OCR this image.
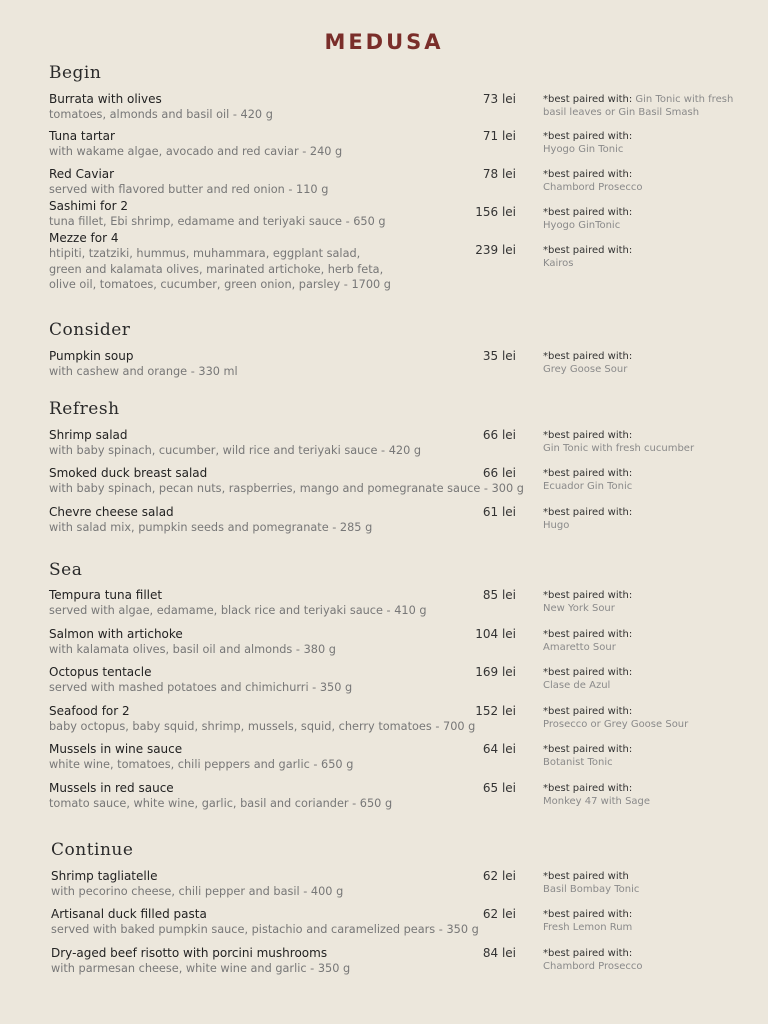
MEDUSA
Begin
Burrata with olives
tomatoes, almonds and basil oil - 420 g
73 lei	*best paired with: Gin Tonic with fresh basil leaves or Gin Basil Smash
Tuna tartar
with wakame algae, avocado and red caviar - 240 g
71 lei	*best paired with:
Hyogo Gin Tonic
Red Caviar
served with flavored butter and red onion - 110 g
78 lei	*best paired with:
Chambord Prosecco
Sashimi for 2
tuna fillet, Ebi shrimp, edamame and teriyaki sauce - 650 g
156 lei	*best paired with:
Hyogo GinTonic
Mezze for 4
htipiti, tzatziki, hummus, muhammara, eggplant salad,
green and kalamata olives, marinated artichoke, herb feta,
olive oil, tomatoes, cucumber, green onion, parsley - 1700 g
239 lei	*best paired with:
Kairos
Consider
Pumpkin soup
with cashew and orange - 330 ml
35 lei	*best paired with:
Grey Goose Sour
Refresh
Shrimp salad
with baby spinach, cucumber, wild rice and teriyaki sauce - 420 g
66 lei	*best paired with:
Gin Tonic with fresh cucumber
Smoked duck breast salad
with baby spinach, pecan nuts, raspberries, mango and pomegranate sauce - 300 g
66 lei	*best paired with:
Ecuador Gin Tonic
Chevre cheese salad
with salad mix, pumpkin seeds and pomegranate - 285 g
61 lei	*best paired with:
Hugo
Sea
Tempura tuna fillet
served with algae, edamame, black rice and teriyaki sauce - 410 g
85 lei	*best paired with:
New York Sour
Salmon with artichoke
with kalamata olives, basil oil and almonds - 380 g
104 lei	*best paired with:
Amaretto Sour
Octopus tentacle
served with mashed potatoes and chimichurri - 350 g
169 lei	*best paired with:
Clase de Azul
Seafood for 2
baby octopus, baby squid, shrimp, mussels, squid, cherry tomatoes - 700 g
152 lei	*best paired with:
Prosecco or Grey Goose Sour
Mussels in wine sauce
white wine, tomatoes, chili peppers and garlic - 650 g
64 lei	*best paired with:
Botanist Tonic
Mussels in red sauce
tomato sauce, white wine, garlic, basil and coriander - 650 g
65 lei	*best paired with:
Monkey 47 with Sage
Continue
Shrimp tagliatelle
with pecorino cheese, chili pepper and basil - 400 g
62 lei	*best paired with
Basil Bombay Tonic
Artisanal duck filled pasta
served with baked pumpkin sauce, pistachio and caramelized pears - 350 g
62 lei	*best paired with:
Fresh Lemon Rum
Dry-aged beef risotto with porcini mushrooms
with parmesan cheese, white wine and garlic - 350 g
84 lei	*best paired with:
Chambord Prosecco
